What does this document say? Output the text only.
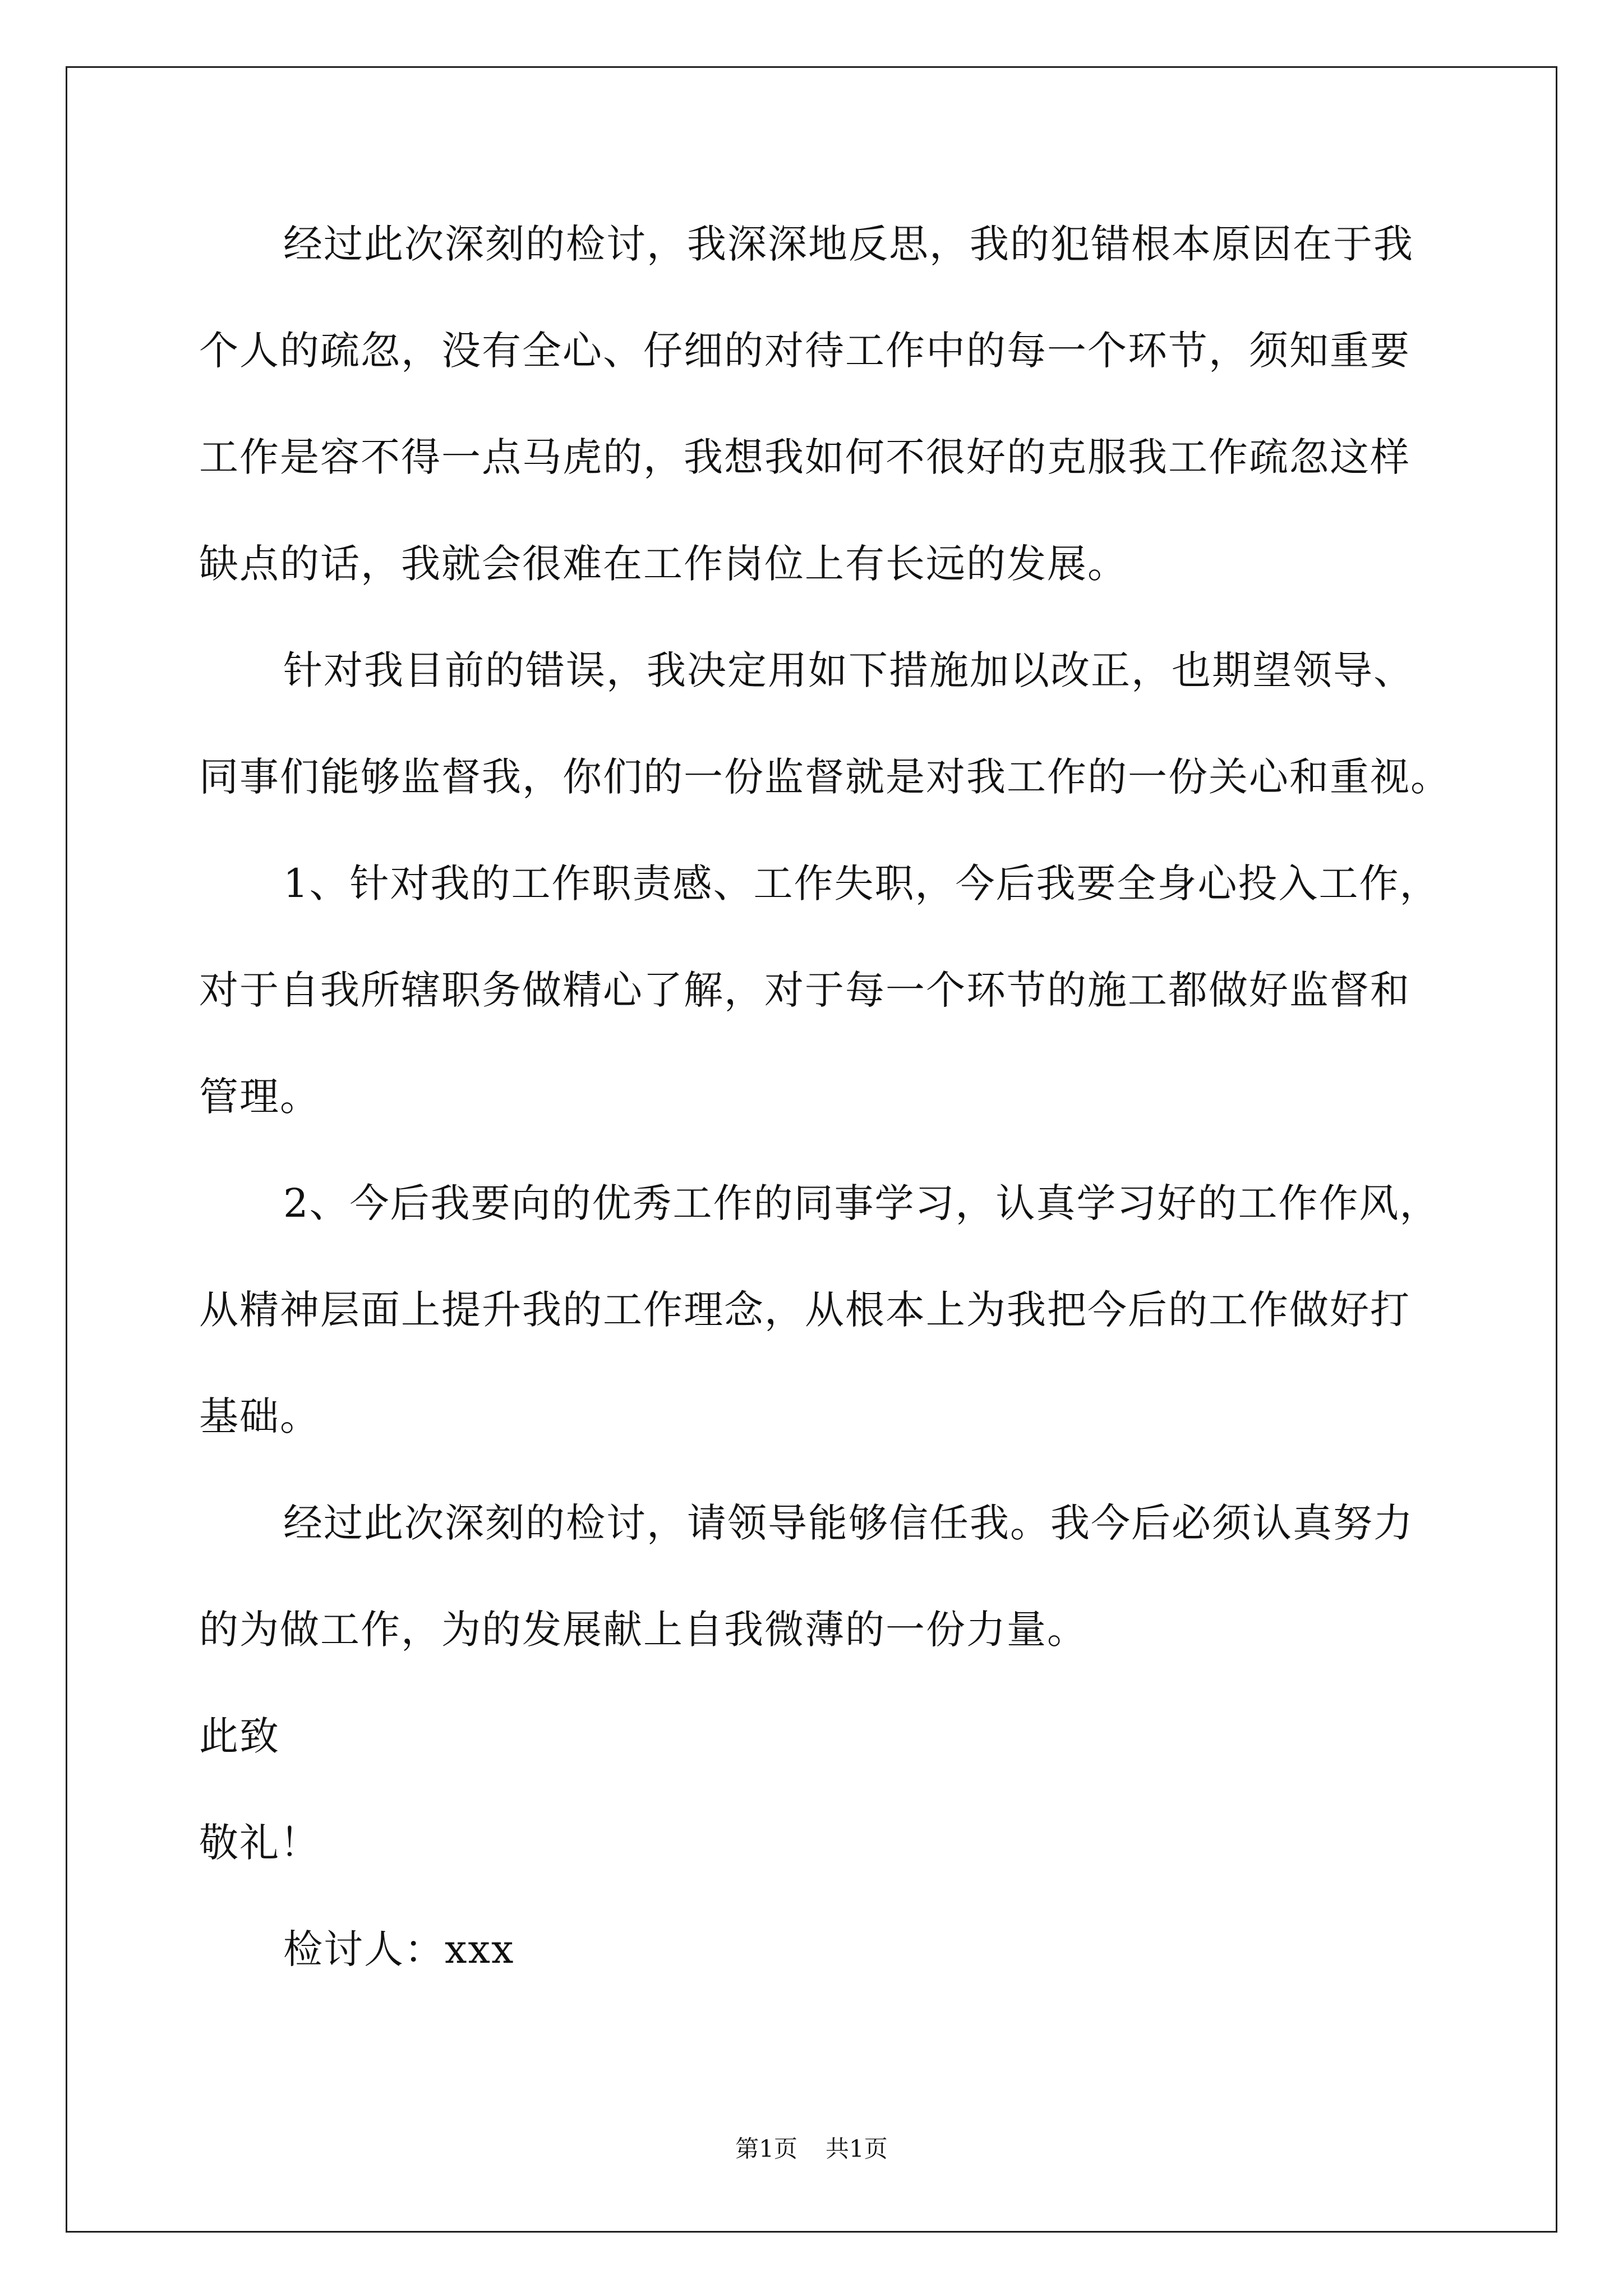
经过此次深刻的检讨，我深深地反思，我的犯错根本原因在于我
个人的疏忽，没有全心、仔细的对待工作中的每一个环节，须知重要
工作是容不得一点马虎的，我想我如何不很好的克服我工作疏忽这样
缺点的话，我就会很难在工作岗位上有长远的发展。
针对我目前的错误，我决定用如下措施加以改正，也期望领导、
同事们能够监督我，你们的一份监督就是对我工作的一份关心和重视。
1、针对我的工作职责感、工作失职，今后我要全身心投入工作，
对于自我所辖职务做精心了解，对于每一个环节的施工都做好监督和
管理。
2、今后我要向的优秀工作的同事学习，认真学习好的工作作风，
从精神层面上提升我的工作理念，从根本上为我把今后的工作做好打
基础。
经过此次深刻的检讨，请领导能够信任我。我今后必须认真努力
的为做工作，为的发展献上自我微薄的一份力量。
此致
敬礼！
检讨人：xxx
第1页 共1页
